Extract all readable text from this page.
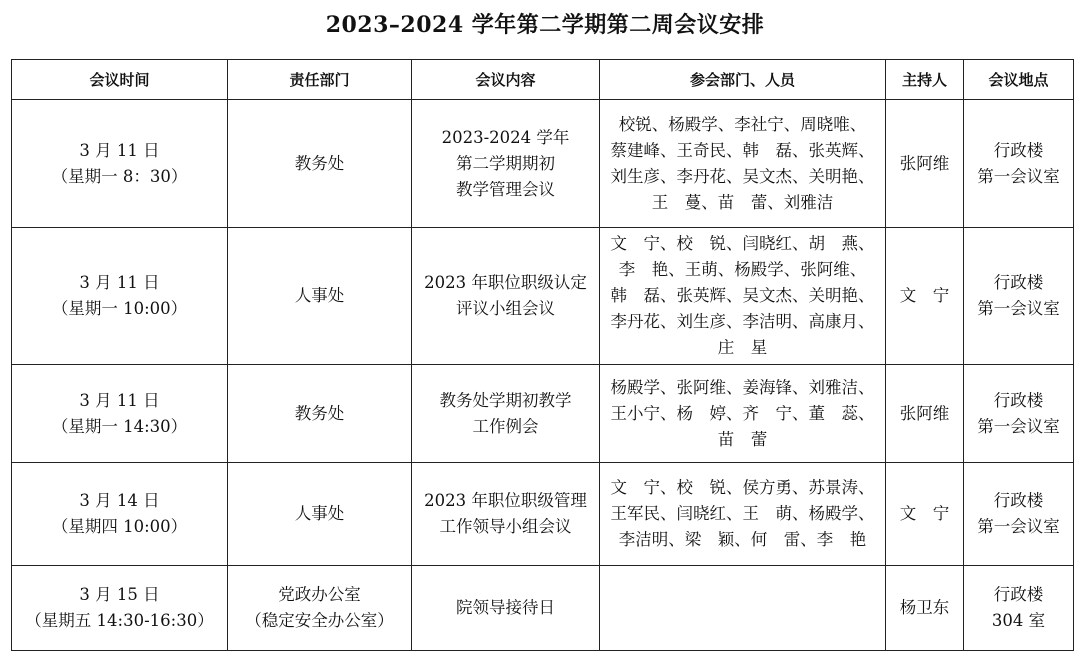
2023–2024 学年第二学期第二周会议安排
会议时间	责任部门	会议内容	参会部门、人员	主持人	会议地点

3 月 11 日
（星期一 8：30）	教务处	2023-2024 学年
第二学期期初
教学管理会议	校锐、杨殿学、李社宁、周晓唯、
蔡建峰、王奇民、韩　磊、张英辉、
刘生彦、李丹花、吴文杰、关明艳、
王　蔓、苗　蕾、刘雅洁	张阿维	行政楼
第一会议室

3 月 11 日
（星期一 10:00）	人事处	2023 年职位职级认定
评议小组会议	文　宁、校　锐、闫晓红、胡　燕、
李　艳、王萌、杨殿学、张阿维、
韩　磊、张英辉、吴文杰、关明艳、
李丹花、刘生彦、李洁明、高康月、
庄　星	文　宁	行政楼
第一会议室

3 月 11 日
（星期一 14:30）	教务处	教务处学期初教学
工作例会	杨殿学、张阿维、姜海锋、刘雅洁、
王小宁、杨　婷、齐　宁、董　蕊、
苗　蕾	张阿维	行政楼
第一会议室

3 月 14 日
（星期四 10:00）	人事处	2023 年职位职级管理
工作领导小组会议	文　宁、校　锐、侯方勇、苏景涛、
王军民、闫晓红、王　萌、杨殿学、
李洁明、梁　颖、何　雷、李　艳	文　宁	行政楼
第一会议室

3 月 15 日
（星期五 14:30-16:30）	党政办公室
（稳定安全办公室）	院领导接待日		杨卫东	行政楼
304 室
